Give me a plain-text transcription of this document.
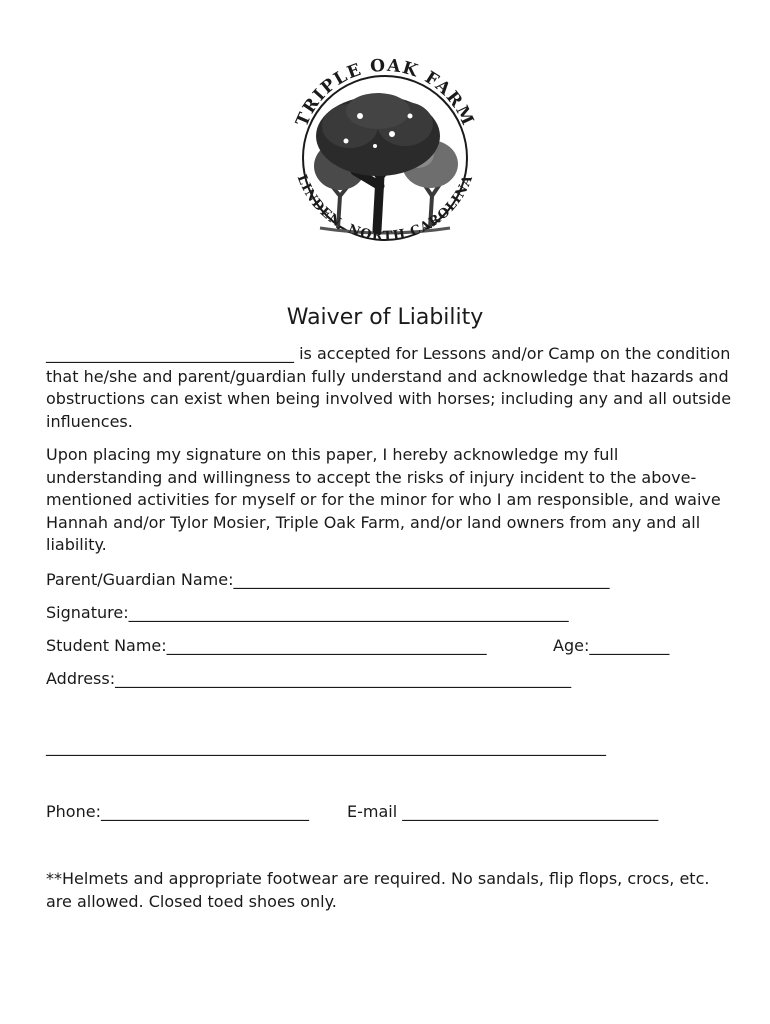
TRIPLE OAK FARM
LINDEN, NORTH CAROLINA
Waiver of Liability

_______________________________ is accepted for Lessons and/or Camp on the condition that he/she and parent/guardian fully understand and acknowledge that hazards and obstructions can exist when being involved with horses; including any and all outside influences.

Upon placing my signature on this paper, I hereby acknowledge my full understanding and willingness to accept the risks of injury incident to the above-mentioned activities for myself or for the minor for who I am responsible, and waive Hannah and/or Tylor Mosier, Triple Oak Farm, and/or land owners from any and all liability.

Parent/Guardian Name:_______________________________________________
Signature:_______________________________________________________
Student Name:________________________________________	Age:__________
Address:_________________________________________________________
______________________________________________________________________
Phone:__________________________ E-mail ________________________________

**Helmets and appropriate footwear are required. No sandals, flip flops, crocs, etc. are allowed. Closed toed shoes only.
